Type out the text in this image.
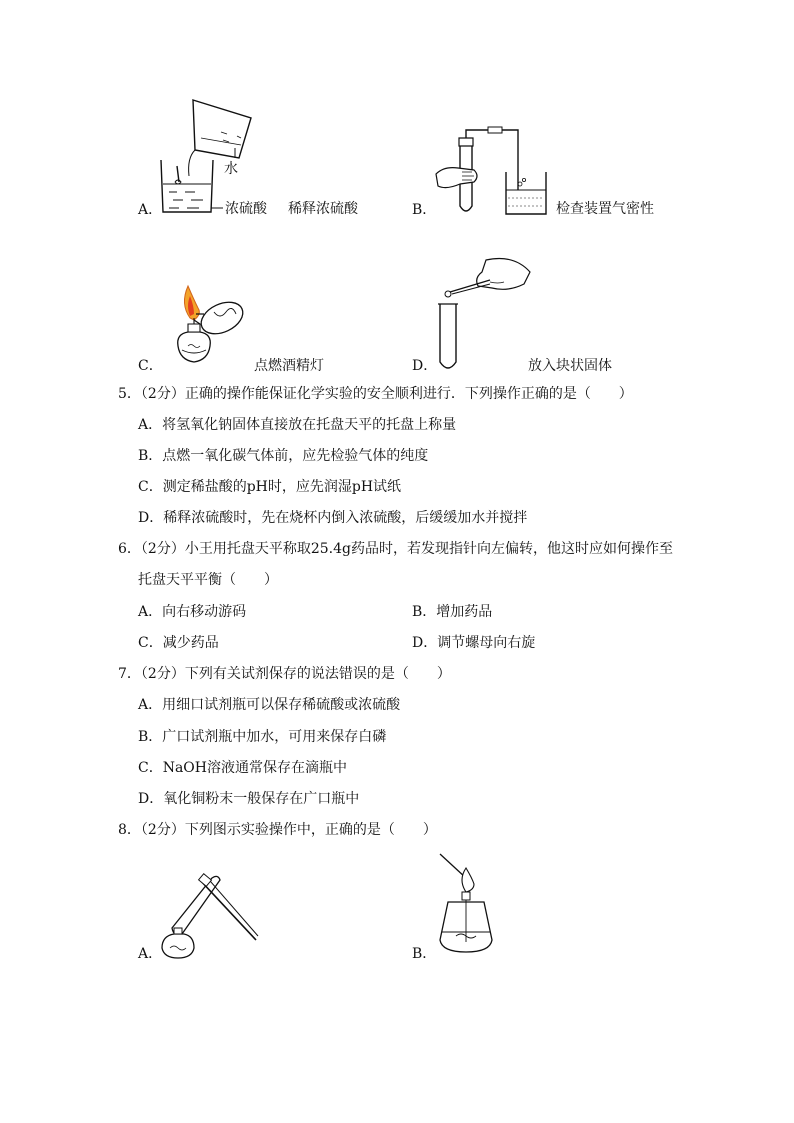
水
浓硫酸
A．	稀释浓硫酸	B．	检查装置气密性
C．	点燃酒精灯	D．	放入块状固体
5．（2分）正确的操作能保证化学实验的安全顺利进行．下列操作正确的是（　　）
A．将氢氧化钠固体直接放在托盘天平的托盘上称量
B．点燃一氧化碳气体前，应先检验气体的纯度
C．测定稀盐酸的pH时，应先润湿pH试纸
D．稀释浓硫酸时，先在烧杯内倒入浓硫酸，后缓缓加水并搅拌
6．（2分）小王用托盘天平称取25.4g药品时，若发现指针向左偏转，他这时应如何操作至
托盘天平平衡（　　）
A．向右移动游码	B．增加药品
C．减少药品	D．调节螺母向右旋
7．（2分）下列有关试剂保存的说法错误的是（　　）
A．用细口试剂瓶可以保存稀硫酸或浓硫酸
B．广口试剂瓶中加水，可用来保存白磷
C．NaOH溶液通常保存在滴瓶中
D．氧化铜粉末一般保存在广口瓶中
8．（2分）下列图示实验操作中，正确的是（　　）
A．	B．
